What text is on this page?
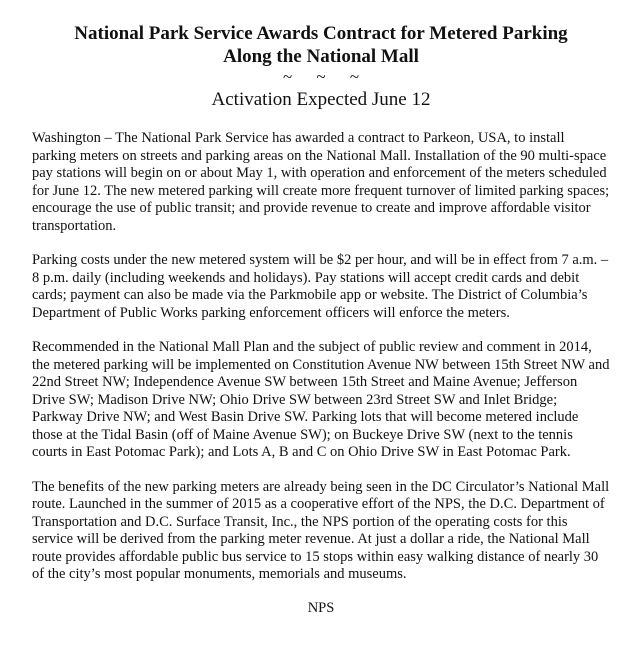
National Park Service Awards Contract for Metered Parking
Along the National Mall

~ ~ ~

Activation Expected June 12

Washington – The National Park Service has awarded a contract to Parkeon, USA, to install parking meters on streets and parking areas on the National Mall. Installation of the 90 multi-space pay stations will begin on or about May 1, with operation and enforcement of the meters scheduled for June 12. The new metered parking will create more frequent turnover of limited parking spaces; encourage the use of public transit; and provide revenue to create and improve affordable visitor transportation.

Parking costs under the new metered system will be $2 per hour, and will be in effect from 7 a.m. – 8 p.m. daily (including weekends and holidays). Pay stations will accept credit cards and debit cards; payment can also be made via the Parkmobile app or website. The District of Columbia’s Department of Public Works parking enforcement officers will enforce the meters.

Recommended in the National Mall Plan and the subject of public review and comment in 2014, the metered parking will be implemented on Constitution Avenue NW between 15th Street NW and 22nd Street NW; Independence Avenue SW between 15th Street and Maine Avenue; Jefferson Drive SW; Madison Drive NW; Ohio Drive SW between 23rd Street SW and Inlet Bridge; Parkway Drive NW; and West Basin Drive SW. Parking lots that will become metered include those at the Tidal Basin (off of Maine Avenue SW); on Buckeye Drive SW (next to the tennis courts in East Potomac Park); and Lots A, B and C on Ohio Drive SW in East Potomac Park.

The benefits of the new parking meters are already being seen in the DC Circulator’s National Mall route. Launched in the summer of 2015 as a cooperative effort of the NPS, the D.C. Department of Transportation and D.C. Surface Transit, Inc., the NPS portion of the operating costs for this service will be derived from the parking meter revenue. At just a dollar a ride, the National Mall route provides affordable public bus service to 15 stops within easy walking distance of nearly 30 of the city’s most popular monuments, memorials and museums.

NPS
